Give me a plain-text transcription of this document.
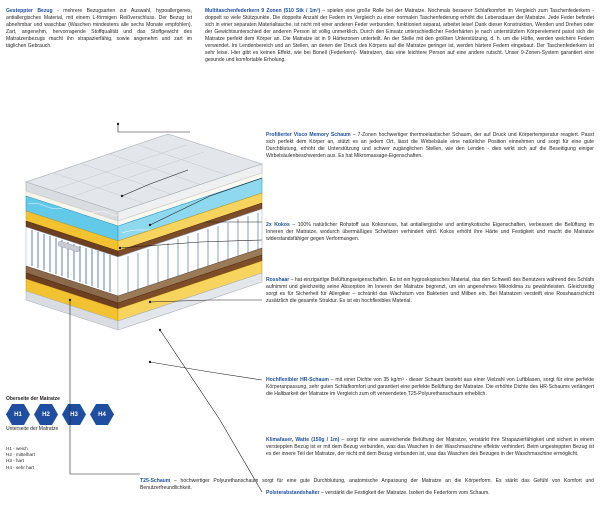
Gesteppter Bezug - mehrere Bezugsarten zur Auswahl, hypoallergenes, antiallergisches Material, mit einem L-förmigen Reißverschluss. Der Bezug ist abnehmbar und waschbar (Waschen mindestens alle sechs Monate empfohlen). Zart, angenehm, hervorragende Stoffqualität und das Stoffgewicht des Matratzenbezugs macht ihn strapazierfähig, sowie angenehm und zart im täglichen Gebrauch.
Multitaschenfederkern 9 Zonen (510 Stk / 1m²) – spielen eine große Rolle bei der Matratze. Nochmals besserer Schlafkomfort im Vergleich zum Taschenfederkern - doppelt so viele Stützpunkte. Die doppelte Anzahl der Federn im Vergleich zu einer normalen Taschenfederung erhöht die Lebensdauer der Matratze. Jede Feder befindet sich in einer separaten Materialtasche, ist nicht mit einer anderen Feder verbunden, funktioniert separat, arbeitet leise! Dank dieser Konstruktion, Wenden und Drehen oder der Gewichtsunterschied der anderen Person ist völlig unmerklich. Durch den Einsatz unterschiedlicher Federhärten je nach unterstütztem Körperelement passt sich die Matratze perfekt dem Körper an. Die Matratze ist in 9 Härtezonen unterteilt. An der Stelle mit den größten Unterstützung, d. h. um die Hüfte, werden weichere Federn verwendet. Im Lendenbereich und an Stellen, an denen der Druck des Körpers auf die Matratze geringer ist, werden härtere Federn eingebaut. Der Taschenfederkern ist sehr leise. Hier gibt es keinen Effekt, wie bei Bonell (Federkern)- Matratzen, das eine leichtere Person auf eine andere rutscht. Unser 9-Zonen-System garantiert eine gesunde und komfortable Erholung.
Profilierter Visco Memory Schaum – 7-Zonen hochwertiger thermoelastischer Schaum, der auf Druck und Körpertemperatur reagiert. Passt sich perfekt dem Körper an, stützt es an jedem Ort, lässt die Wirbelsäule eine natürliche Position einnehmen und sorgt für eine gute Durchblutung, erhöht die Unterstützung und schwer zugänglichen Stellen, wie den Lenden - dies wirkt sich auf die Beseitigung einiger Wirbelsäulenbeschwerden aus. Es hat Mikromassage-Eigenschaften.
2x Kokos – 100% natürlicher Rohstoff aus Kokosnuss, hat antiallergische und antimykotische Eigenschaften, verbessert die Belüftung im Inneren der Matratze, wodurch übermäßiges Schwitzen verhindert wird. Kokos erhöht ihre Härte und Festigkeit und macht die Matratze widerstandsfähiger gegen Verformungen.
Rosshaar – hat einzigartige Belüftungseigenschaften. Es ist ein hygroskopisches Material, das den Schweiß des Benutzers während des Schlafs aufnimmt und gleichzeitig seine Absorption im Inneren der Matratze begrenzt, um ein angenehmes Mikroklima zu gewährleisten. Gleichzeitig sorgt es für Sicherheit für Allergiker – schränkt das Wachstum von Bakterien und Milben ein. Bei Matratzen versteift eine Rosshaarschicht zusätzlich die gesamte Struktur. Es ist ein hochflexibles Material.
Hochflexibler HR-Schaum – mit einer Dichte von 35 kg/m³ - dieser Schaum besteht aus einer Vielzahl von Luftblasen, sorgt für eine perfekte Körperanpassung, sehr guten Schlafkomfort und garantiert eine perfekte Belüftung der Matratze. Die erhöhte Dichte des HR-Schaums verlängert die Haltbarkeit der Matratze im Vergleich zum oft verwendeten T25-Polyurethanschaum erheblich.
Klimafaser, Watte (150g / 1m) – sorgt für eine ausreichende Belüftung der Matratze, verstärkt ihre Strapazierfähigkeit und sichert in einem versteppten Bezug ist er mit dem Bezug verbunden, was das Waschen in der Waschmaschine effektiv verhindert. Beim ungesteppten Bezug ist es der innere Teil der Matratze, der nicht mit dem Bezug verbunden ist, was das Waschen des Bezuges in der Waschmaschine ermöglicht.
Polsterabstandshalter – verstärkt die Festigkeit der Matratze. Isoliert die Federform vom Schaum.
T25-Schaum – hochwertiger Polyurethanschaum sorgt für eine gute Durchblutung, anatomische Anpassung der Matratze an die Körperform. Es stärkt das Gefühl von Komfort und Benutzerfreundlichkeit.
Oberseite der Matratze
H1	H2	H3	H4
Unterseite der Matratze
H1 - weich
H2 - mittelhart
H3 - hart
H4 - sehr hart
